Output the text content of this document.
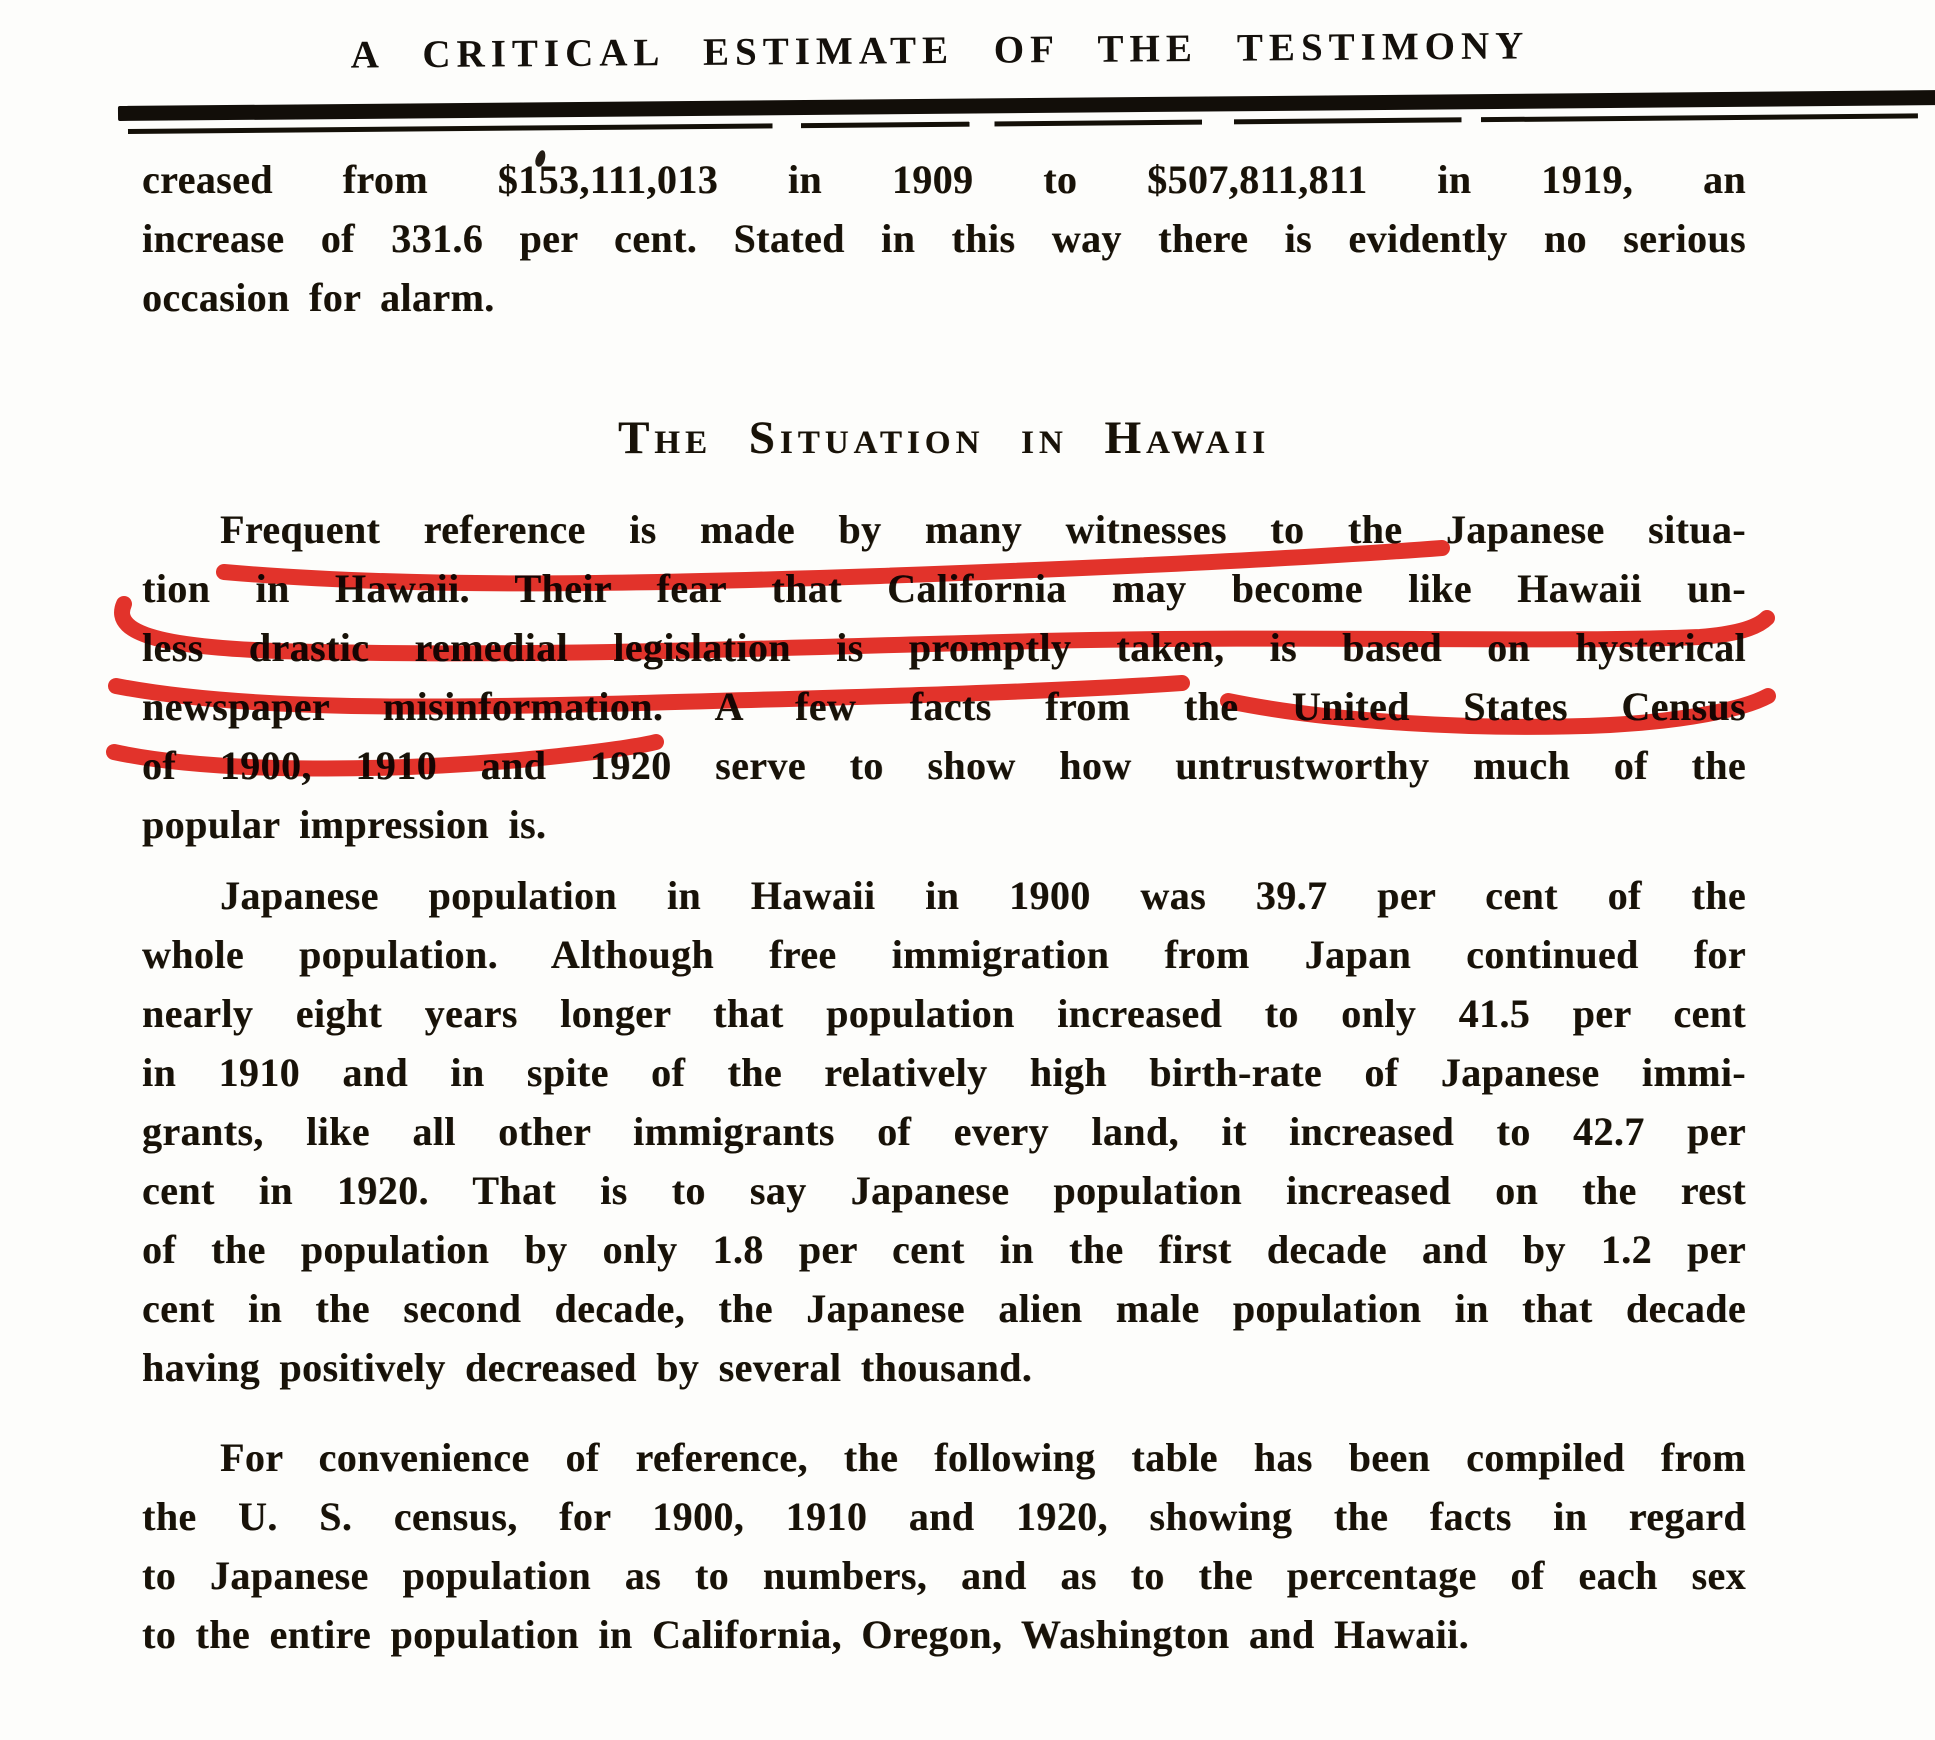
A CRITICAL ESTIMATE OF THE TESTIMONY
creased from $153,111,013 in 1909 to $507,811,811 in 1919, an
increase of 331.6 per cent. Stated in this way there is evidently no serious
occasion for alarm.
The Situation in Hawaii
Frequent reference is made by many witnesses to the Japanese situa-
tion in Hawaii. Their fear that California may become like Hawaii un-
less drastic remedial legislation is promptly taken, is based on hysterical
newspaper misinformation. A few facts from the United States Census
of 1900, 1910 and 1920 serve to show how untrustworthy much of the
popular impression is.
Japanese population in Hawaii in 1900 was 39.7 per cent of the
whole population. Although free immigration from Japan continued for
nearly eight years longer that population increased to only 41.5 per cent
in 1910 and in spite of the relatively high birth-rate of Japanese immi-
grants, like all other immigrants of every land, it increased to 42.7 per
cent in 1920. That is to say Japanese population increased on the rest
of the population by only 1.8 per cent in the first decade and by 1.2 per
cent in the second decade, the Japanese alien male population in that decade
having positively decreased by several thousand.
For convenience of reference, the following table has been compiled from
the U. S. census, for 1900, 1910 and 1920, showing the facts in regard
to Japanese population as to numbers, and as to the percentage of each sex
to the entire population in California, Oregon, Washington and Hawaii.
